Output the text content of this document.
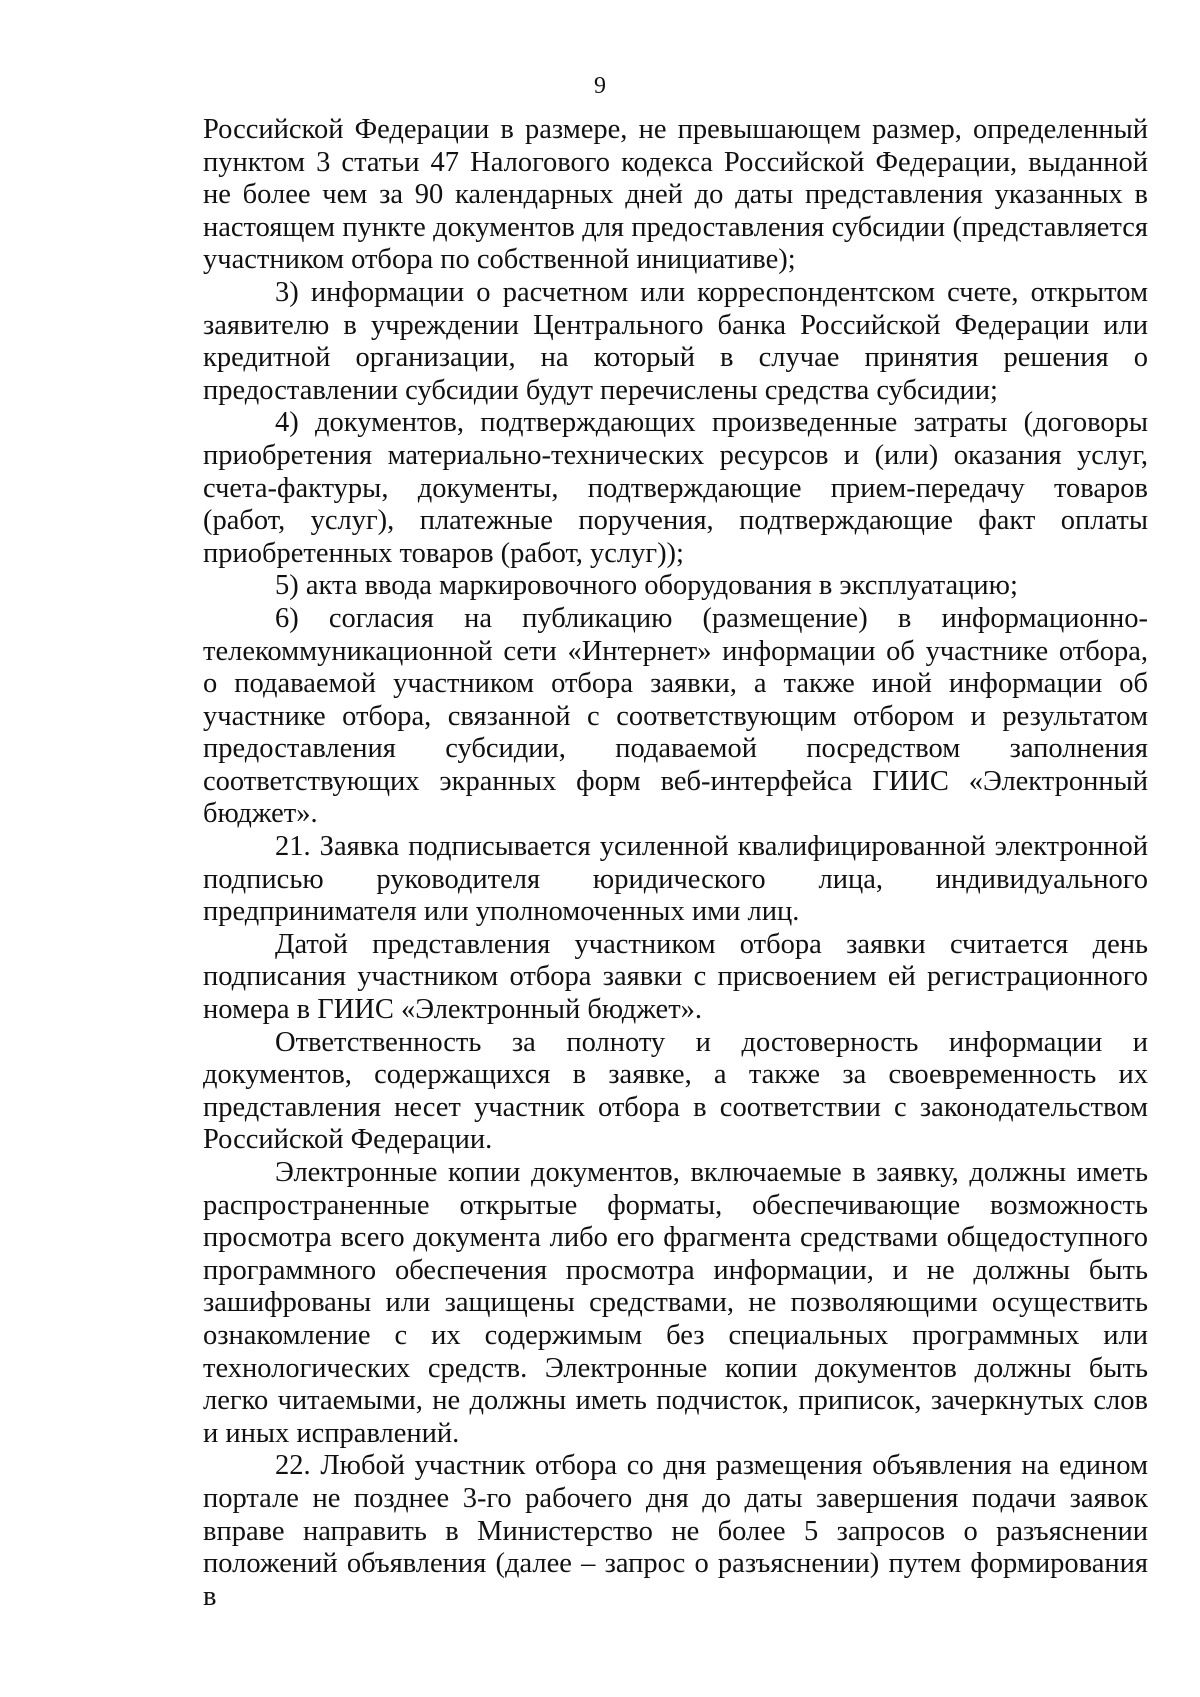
9

Российской Федерации в размере, не превышающем размер, определенный пунктом 3 статьи 47 Налогового кодекса Российской Федерации, выданной не более чем за 90 календарных дней до даты представления указанных в настоящем пункте документов для предоставления субсидии (представляется участником отбора по собственной инициативе);

3) информации о расчетном или корреспондентском счете, открытом заявителю в учреждении Центрального банка Российской Федерации или кредитной организации, на который в случае принятия решения о предоставлении субсидии будут перечислены средства субсидии;

4) документов, подтверждающих произведенные затраты (договоры приобретения материально-технических ресурсов и (или) оказания услуг, счета-фактуры, документы, подтверждающие прием-передачу товаров (работ, услуг), платежные поручения, подтверждающие факт оплаты приобретенных товаров (работ, услуг));

5) акта ввода маркировочного оборудования в эксплуатацию;

6) согласия на публикацию (размещение) в информационно-телекоммуникационной сети «Интернет» информации об участнике отбора, о подаваемой участником отбора заявки, а также иной информации об участнике отбора, связанной с соответствующим отбором и результатом предоставления субсидии, подаваемой посредством заполнения соответствующих экранных форм веб-интерфейса ГИИС «Электронный бюджет».

21. Заявка подписывается усиленной квалифицированной электронной подписью руководителя юридического лица, индивидуального предпринимателя или уполномоченных ими лиц.

Датой представления участником отбора заявки считается день подписания участником отбора заявки с присвоением ей регистрационного номера в ГИИС «Электронный бюджет».

Ответственность за полноту и достоверность информации и документов, содержащихся в заявке, а также за своевременность их представления несет участник отбора в соответствии с законодательством Российской Федерации.

Электронные копии документов, включаемые в заявку, должны иметь распространенные открытые форматы, обеспечивающие возможность просмотра всего документа либо его фрагмента средствами общедоступного программного обеспечения просмотра информации, и не должны быть зашифрованы или защищены средствами, не позволяющими осуществить ознакомление с их содержимым без специальных программных или технологических средств. Электронные копии документов должны быть легко читаемыми, не должны иметь подчисток, приписок, зачеркнутых слов и иных исправлений.

22. Любой участник отбора со дня размещения объявления на едином портале не позднее 3-го рабочего дня до даты завершения подачи заявок вправе направить в Министерство не более 5 запросов о разъяснении положений объявления (далее – запрос о разъяснении) путем формирования в
